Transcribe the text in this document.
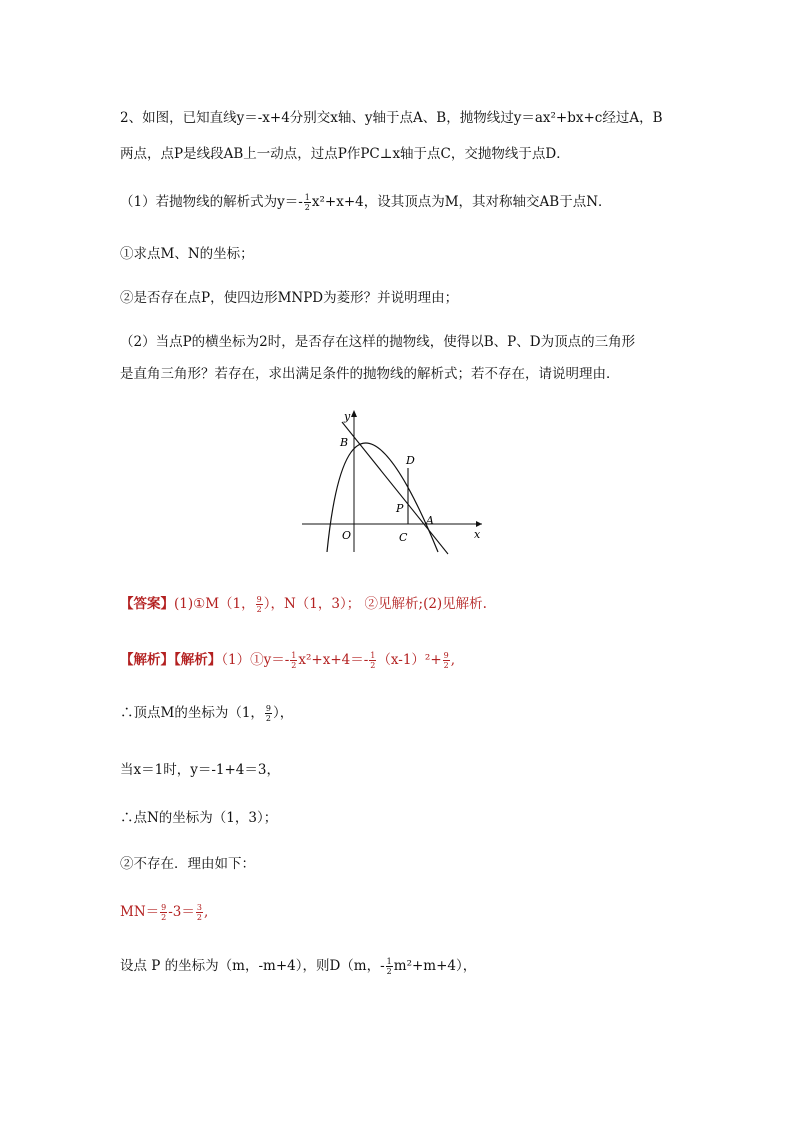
2、如图，已知直线y＝-x+4分别交x轴、y轴于点A、B，抛物线过y＝ax²+bx+c经过A，B
两点，点P是线段AB上一动点，过点P作PC⊥x轴于点C，交抛物线于点D．
（1）若抛物线的解析式为$y=- \frac{1}{2} x^2+x+4$，设其顶点为M，其对称轴交AB于点N．
①求点M、N的坐标；
②是否存在点P，使四边形MNPD为菱形？并说明理由；
（2）当点P的横坐标为2时，是否存在这样的抛物线，使得以B、P、D为顶点的三角形
是直角三角形？若存在，求出满足条件的抛物线的解析式；若不存在，请说明理由．
y
x
B
D
P
A
O	C
【答案】(1)①M（1， $\frac{9}{2}$ ），N（1，3）； ②见解析;(2)见解析.
【解析】【解析】（1）①y＝- $\frac{1}{2} x^2+x+4=- \frac{1}{2} (x-1)^2+ \frac{9}{2}$ ,
∴顶点M的坐标为（1， $\frac{9}{2}$ ），
当x＝1时，y＝-1+4＝3，
∴点N的坐标为（1，3）；
②不存在．理由如下：
$MN= \frac{9}{2} -3= \frac{3}{2}$ ,
设点 P 的坐标为（m，-m+4），则D（m，- $\frac{1}{2} m^2+m+4$），
